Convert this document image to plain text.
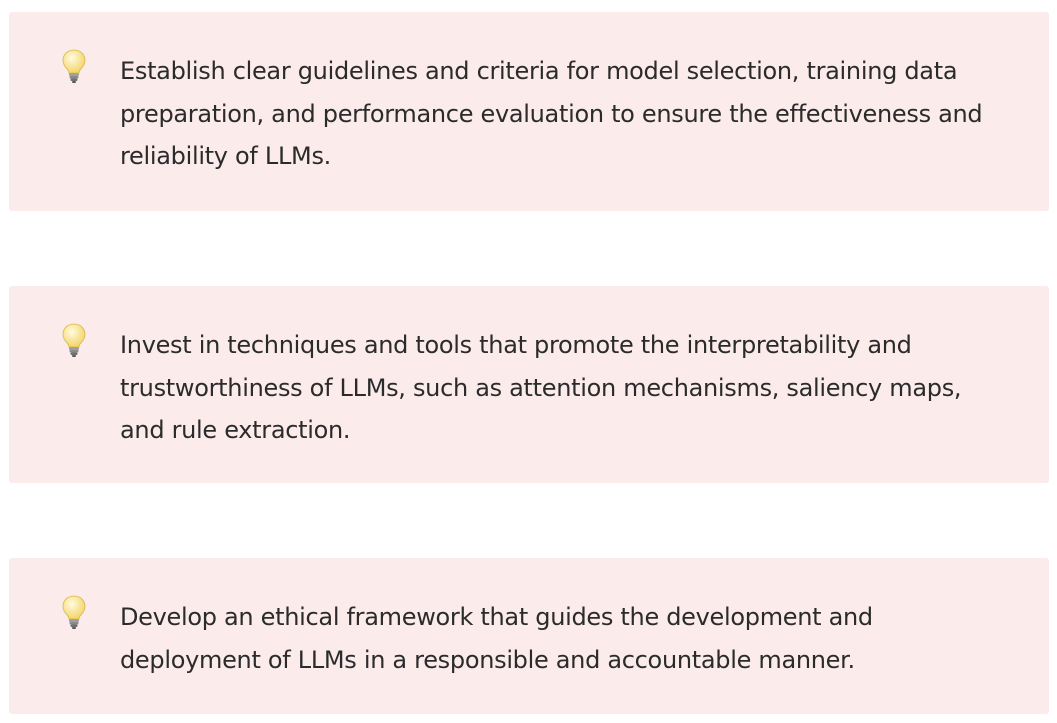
Establish clear guidelines and criteria for model selection, training data preparation, and performance evaluation to ensure the effectiveness and reliability of LLMs.

Invest in techniques and tools that promote the interpretability and trustworthiness of LLMs, such as attention mechanisms, saliency maps, and rule extraction.

Develop an ethical framework that guides the development and deployment of LLMs in a responsible and accountable manner.
